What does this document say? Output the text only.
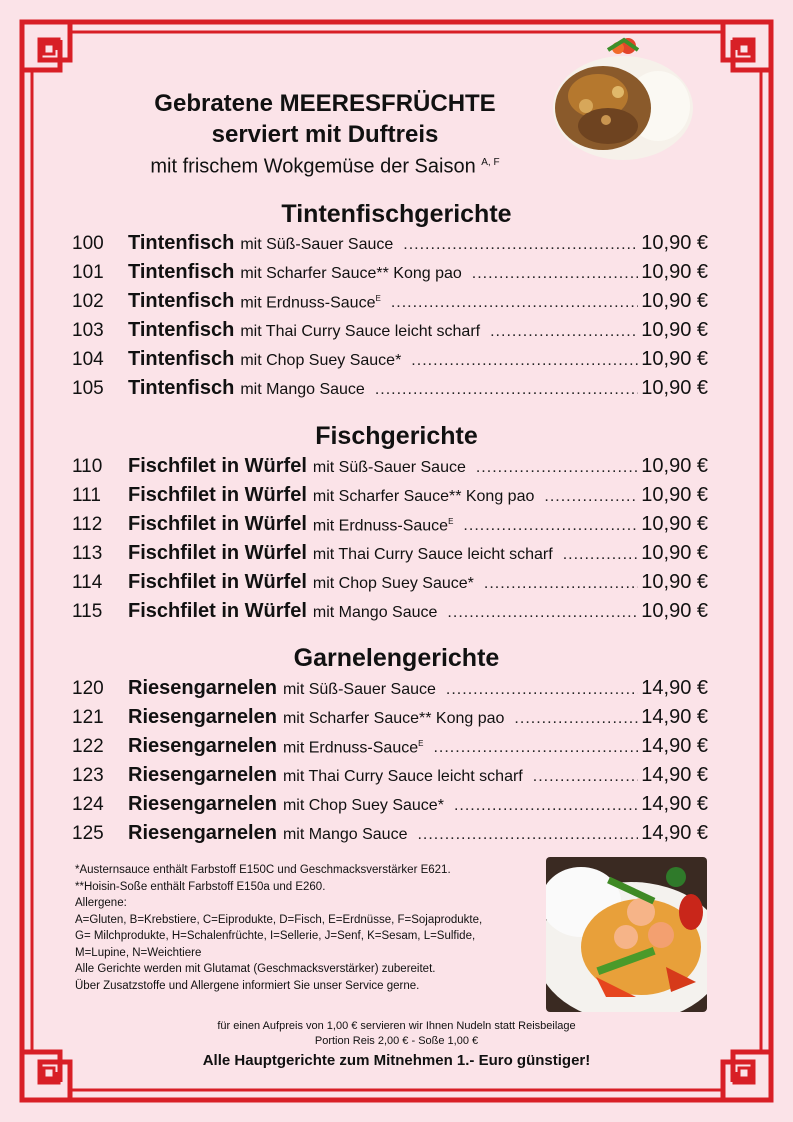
Gebratene MEERESFRÜCHTE
serviert mit Duftreis
mit frischem Wokgemüse der Saison $^{A, F}$
Tintenfischgerichte
100	Tintenfisch mit Süß-Sauer Sauce .....	10,90 €
101	Tintenfisch mit Scharfer Sauce** Kong pao .....	10,90 €
102	Tintenfisch mit Erdnuss-Sauce$^E$ .....	10,90 €
103	Tintenfisch mit Thai Curry Sauce leicht scharf .....	10,90 €
104	Tintenfisch mit Chop Suey Sauce* .....	10,90 €
105	Tintenfisch mit Mango Sauce .....	10,90 €
Fischgerichte
110	Fischfilet in Würfel mit Süß-Sauer Sauce .....	10,90 €
111	Fischfilet in Würfel mit Scharfer Sauce** Kong pao .....	10,90 €
112	Fischfilet in Würfel mit Erdnuss-Sauce$^E$ .....	10,90 €
113	Fischfilet in Würfel mit Thai Curry Sauce leicht scharf .....	10,90 €
114	Fischfilet in Würfel mit Chop Suey Sauce* .....	10,90 €
115	Fischfilet in Würfel mit Mango Sauce .....	10,90 €
Garnelengerichte
120	Riesengarnelen mit Süß-Sauer Sauce .....	14,90 €
121	Riesengarnelen mit Scharfer Sauce** Kong pao .....	14,90 €
122	Riesengarnelen mit Erdnuss-Sauce$^E$ .....	14,90 €
123	Riesengarnelen mit Thai Curry Sauce leicht scharf .....	14,90 €
124	Riesengarnelen mit Chop Suey Sauce* .....	14,90 €
125	Riesengarnelen mit Mango Sauce .....	14,90 €
*Austernsauce enthält Farbstoff E150C und Geschmacksverstärker E621.
**Hoisin-Soße enthält Farbstoff E150a und E260.
Allergene:
A=Gluten, B=Krebstiere, C=Eiprodukte, D=Fisch, E=Erdnüsse, F=Sojaprodukte,
G= Milchprodukte, H=Schalenfrüchte, I=Sellerie, J=Senf, K=Sesam, L=Sulfide,
M=Lupine, N=Weichtiere
Alle Gerichte werden mit Glutamat (Geschmacksverstärker) zubereitet.
Über Zusatzstoffe und Allergene informiert Sie unser Service gerne.
für einen Aufpreis von 1,00 € servieren wir Ihnen Nudeln statt Reisbeilage
Portion Reis 2,00 € - Soße 1,00 €
Alle Hauptgerichte zum Mitnehmen 1.- Euro günstiger!
